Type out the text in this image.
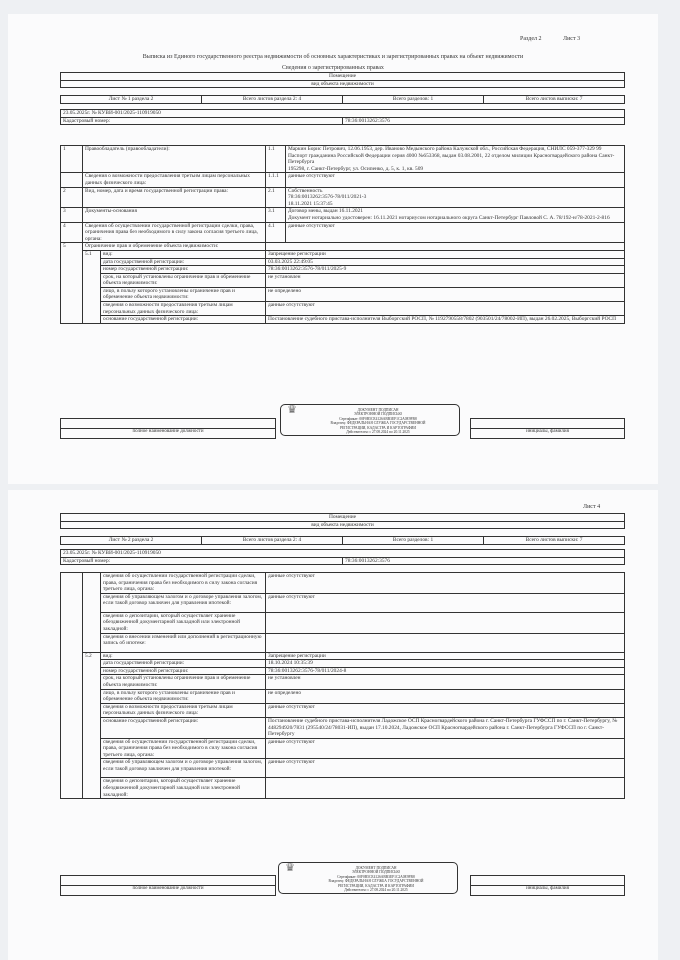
Раздел 2	Лист 3
Выписка из Единого государственного реестра недвижимости об основных характеристиках и зарегистрированных правах на объект недвижимости
Сведения о зарегистрированных правах
Помещение
вид объекта недвижимости
Лист № 1 раздела 2	Всего листов раздела 2: 4	Всего разделов: 1	Всего листов выписки: 7
23.05.2025г. № КУВИ-001/2025-110919050
Кадастровый номер:	78:36:0013262:3576
1	Правообладатель (правообладатели):		1.1	Маркин Борис Петрович, 12.06.1953, дер. Иваново Медынского района Калужской обл., Российская Федерация, СНИЛС 059-377-329 99
Паспорт гражданина Российской Федерации серия 4000 №653368, выдан 03.08.2001, 22 отделом милиции Красногвардейского района Санкт-Петербурга
195298, г. Санкт-Петербург, ул. Осипенко, д. 5, к. 1, кв. 509
	Сведения о возможности предоставления третьим лицам персональных данных физического лица:		1.1.1	данные отсутствуют
2	Вид, номер, дата и время государственной регистрации права:		2.1	Собственность
78:36:0013262:3576-78/011/2021-3
18.11.2021 15:37:45
3	Документы-основания		3.1	Договор мены, выдан 16.11.2021
Документ нотариально удостоверен: 16.11.2021 нотариусом нотариального округа Санкт-Петербург Павловой С. А. 78/192-н/78-2021-2-816
4	Сведения об осуществлении государственной регистрации сделки, права, ограничения права без необходимого в силу закона согласия третьего лица, органа:		4.1	данные отсутствуют
5	Ограничение прав и обременение объекта недвижимости:			
	5.1	вид:	Запрещение регистрации	
		дата государственной регистрации:	03.03.2025 22:49:05	
		номер государственной регистрации:	78:36:0013262:3576-78/011/2025-9	
		срок, на который установлены ограничение прав и обременение объекта недвижимости:	не установлен	
		лицо, в пользу которого установлены ограничение прав и обременение объекта недвижимости:	не определено	
		сведения о возможности предоставления третьим лицам персональных данных физического лица:	данные отсутствуют	
		основание государственной регистрации:	Постановление судебного пристава-исполнителя Выборгский РОСП, № 1192790558/7802 (903501/24/78002-ИП), выдан 26.02.2025, Выборгский РОСП	

полное наименование должности		инициалы, фамилия
♛	ДОКУМЕНТ ПОДПИСАН
ЭЛЕКТРОННОЙ ПОДПИСЬЮ
Сертификат: 00F0B5CE4126ABB3EF1C2A0E9FB8
Владелец: ФЕДЕРАЛЬНАЯ СЛУЖБА ГОСУДАРСТВЕННОЙ
РЕГИСТРАЦИИ, КАДАСТРА И КАРТОГРАФИИ
Действителен: с 27.08.2024 по 20.11.2025
Лист 4
Помещение
вид объекта недвижимости
Лист № 2 раздела 2	Всего листов раздела 2: 4	Всего разделов: 1	Всего листов выписки: 7
23.05.2025г. № КУВИ-001/2025-110919050
Кадастровый номер:	78:36:0013262:3576
		сведения об осуществлении государственной регистрации сделки, права, ограничения права без необходимого в силу закона согласия третьего лица, органа:	данные отсутствуют
		сведения об управляющем залогом и о договоре управления залогом, если такой договор заключен для управления ипотекой:	данные отсутствуют
		сведения о депозитарии, который осуществляет хранение обездвиженной документарной закладной или электронной закладной:	
		сведения о внесении изменений или дополнений в регистрационную запись об ипотеке:	
	5.2	вид:	Запрещение регистрации
		дата государственной регистрации:	18.10.2024 10:35:39
		номер государственной регистрации:	78:36:0013262:3576-78/011/2024-8
		срок, на который установлены ограничение прав и обременение объекта недвижимости:	не установлен
		лицо, в пользу которого установлены ограничение прав и обременение объекта недвижимости:	не определено
		сведения о возможности предоставления третьим лицам персональных данных физического лица:	данные отсутствуют
		основание государственной регистрации:	Постановление судебного пристава-исполнителя Ладожское ОСП Красногвардейского района г. Санкт-Петербурга ГУФССП по г. Санкт-Петербургу, № 448294920/7831 (295540/24/78031-ИП), выдан 17.10.2024, Ладожское ОСП Красногвардейского района г. Санкт-Петербурга ГУФССП по г. Санкт-Петербургу
		сведения об осуществлении государственной регистрации сделки, права, ограничения права без необходимого в силу закона согласия третьего лица, органа:	данные отсутствуют
		сведения об управляющем залогом и о договоре управления залогом, если такой договор заключен для управления ипотекой:	данные отсутствуют
		сведения о депозитарии, который осуществляет хранение обездвиженной документарной закладной или электронной закладной:	

полное наименование должности		инициалы, фамилия
♛	ДОКУМЕНТ ПОДПИСАН
ЭЛЕКТРОННОЙ ПОДПИСЬЮ
Сертификат: 00F0B5CE4126ABB3EF1C2A0E9FB8
Владелец: ФЕДЕРАЛЬНАЯ СЛУЖБА ГОСУДАРСТВЕННОЙ
РЕГИСТРАЦИИ, КАДАСТРА И КАРТОГРАФИИ
Действителен: с 27.08.2024 по 20.11.2025
